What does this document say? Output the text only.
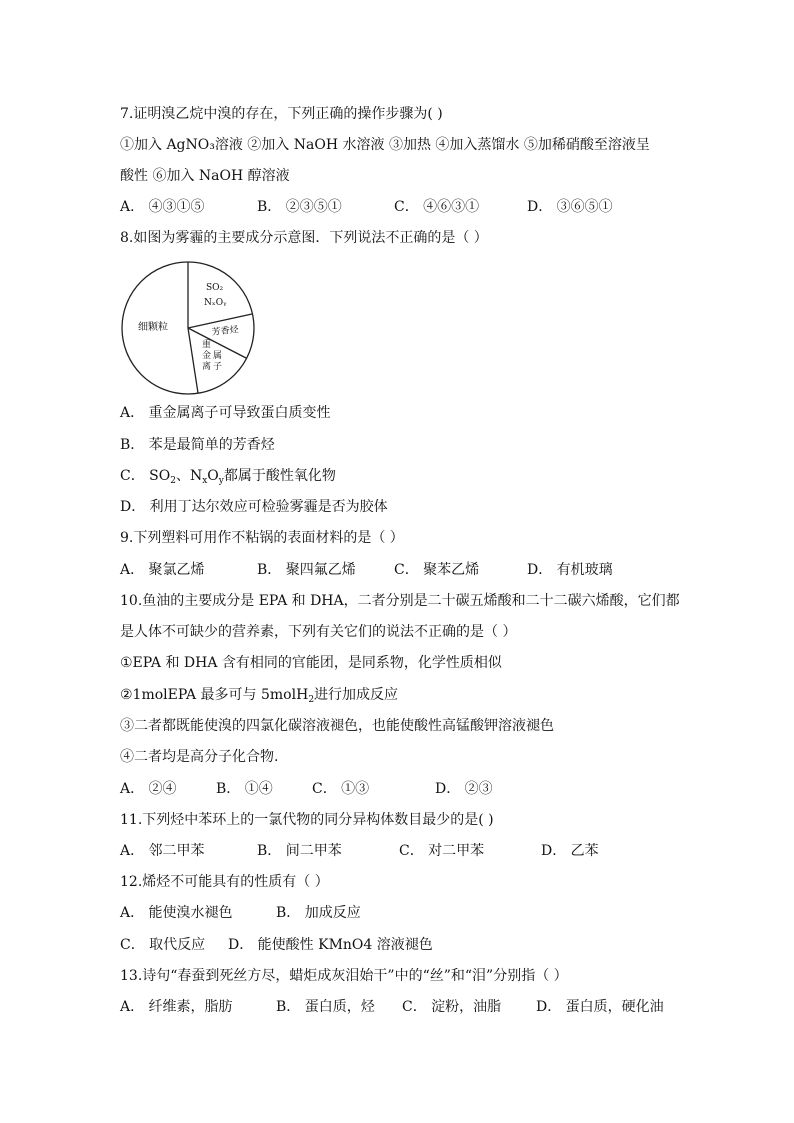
7.证明溴乙烷中溴的存在，下列正确的操作步骤为( )
①加入 AgNO₃溶液 ②加入 NaOH 水溶液 ③加热 ④加入蒸馏水 ⑤加稀硝酸至溶液呈
酸性 ⑥加入 NaOH 醇溶液
A． ④③①⑤	B． ②③⑤①	C． ④⑥③①	D． ③⑥⑤①
8.如图为雾霾的主要成分示意图．下列说法不正确的是（ ）
细颗粒
SO₂
NₓOᵧ
芳香烃
重
金 属
离 子
A． 重金属离子可导致蛋白质变性
B． 苯是最简单的芳香烃
C． $SO_2$、$N_xO_y$都属于酸性氧化物
D． 利用丁达尔效应可检验雾霾是否为胶体
9.下列塑料可用作不粘锅的表面材料的是（ ）
A． 聚氯乙烯	B． 聚四氟乙烯	C． 聚苯乙烯	D． 有机玻璃
10.鱼油的主要成分是 EPA 和 DHA，二者分别是二十碳五烯酸和二十二碳六烯酸，它们都
是人体不可缺少的营养素，下列有关它们的说法不正确的是（ ）
①EPA 和 DHA 含有相同的官能团，是同系物，化学性质相似
②1molEPA 最多可与 5molH$_2$进行加成反应
③二者都既能使溴的四氯化碳溶液褪色，也能使酸性高锰酸钾溶液褪色
④二者均是高分子化合物.
A． ②④	B． ①④	C． ①③	D． ②③
11.下列烃中苯环上的一氯代物的同分异构体数目最少的是( )
A． 邻二甲苯	B． 间二甲苯	C． 对二甲苯	D． 乙苯
12.烯烃不可能具有的性质有（ ）
A． 能使溴水褪色	B． 加成反应
C． 取代反应 D． 能使酸性 KMnO4 溶液褪色
13.诗句“春蚕到死丝方尽，蜡炬成灰泪始干”中的“丝”和“泪”分别指（ ）
A． 纤维素，脂肪	B． 蛋白质，烃 C． 淀粉，油脂 D． 蛋白质，硬化油
